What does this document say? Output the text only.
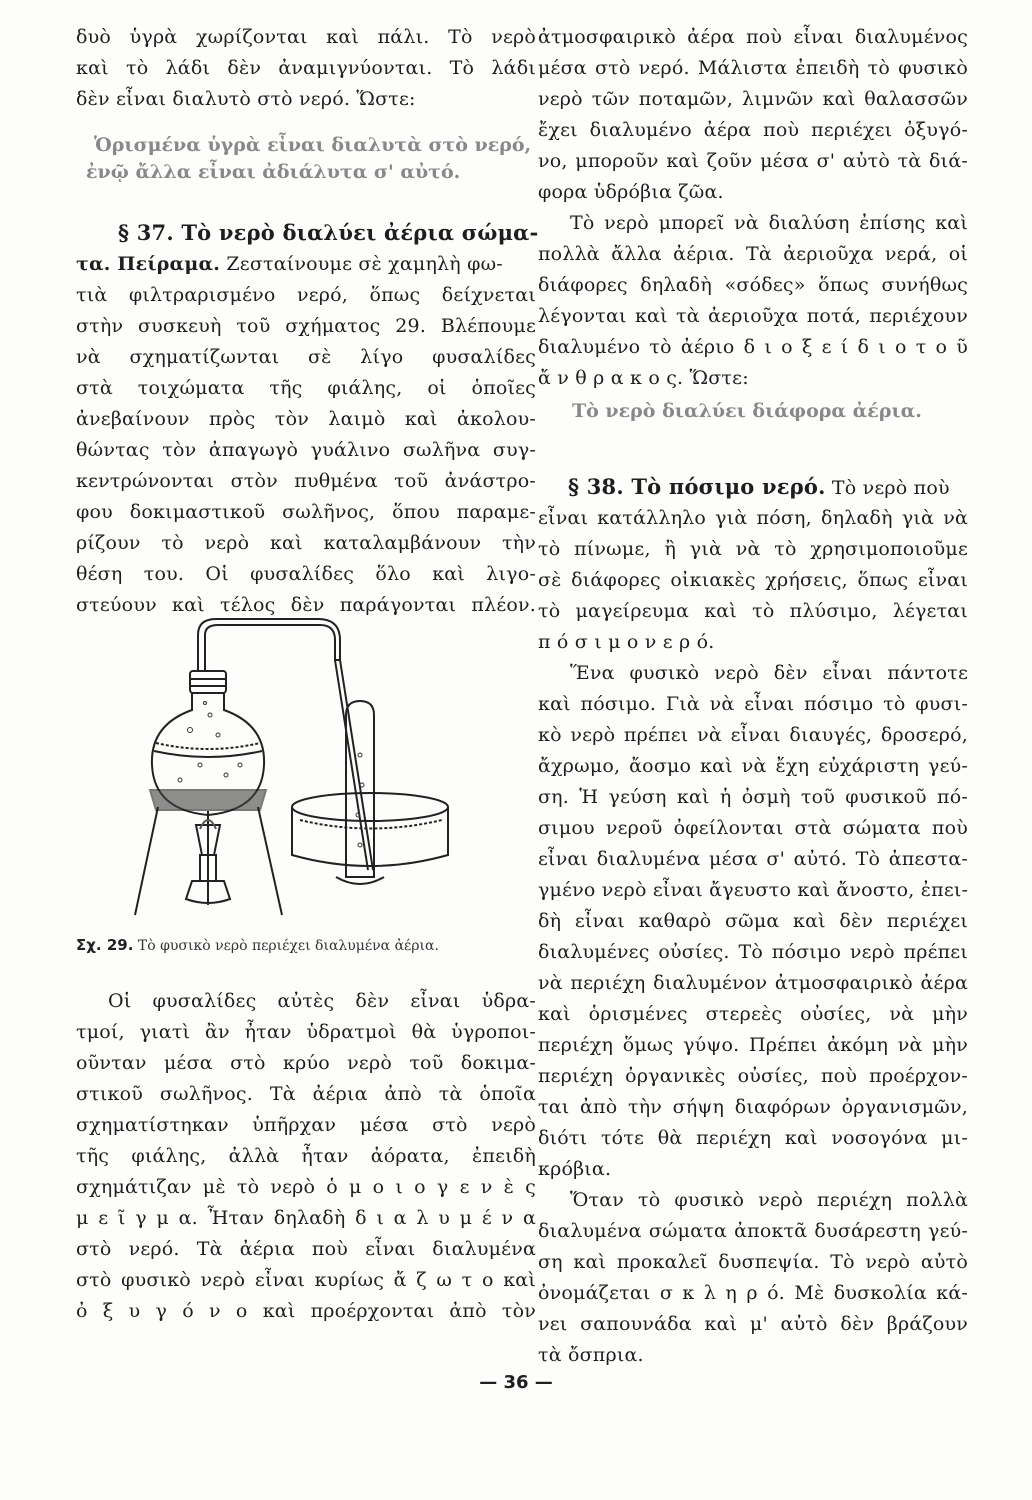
δυὸ ὑγρὰ χωρίζονται καὶ πάλι. Τὸ νερὸ
καὶ τὸ λάδι δὲν ἀναμιγνύονται. Τὸ λάδι
δὲν εἶναι διαλυτὸ στὸ νερό. Ὥστε:
Ὁρισμένα ὑγρὰ εἶναι διαλυτὰ στὸ νερό,
ἐνῷ ἄλλα εἶναι ἀδιάλυτα σ' αὐτό.
§ 37. Τὸ νερὸ διαλύει ἀέρια σώμα-
τα. Πείραμα. Ζεσταίνουμε σὲ χαμηλὴ φω-
τιὰ φιλτραρισμένο νερό, ὅπως δείχνεται
στὴν συσκευὴ τοῦ σχήματος 29. Βλέπουμε
νὰ σχηματίζωνται σὲ λίγο φυσαλίδες
στὰ τοιχώματα τῆς φιάλης, οἱ ὁποῖες
ἀνεβαίνουν πρὸς τὸν λαιμὸ καὶ ἀκολου-
θώντας τὸν ἀπαγωγὸ γυάλινο σωλῆνα συγ-
κεντρώνονται στὸν πυθμένα τοῦ ἀνάστρο-
φου δοκιμαστικοῦ σωλῆνος, ὅπου παραμε-
ρίζουν τὸ νερὸ καὶ καταλαμβάνουν τὴν
θέση του. Οἱ φυσαλίδες ὅλο καὶ λιγο-
στεύουν καὶ τέλος δὲν παράγονται πλέον.
Σχ. 29. Τὸ φυσικὸ νερὸ περιέχει διαλυμένα ἀέρια.
Οἱ φυσαλίδες αὐτὲς δὲν εἶναι ὑδρα-
τμοί, γιατὶ ἂν ἦταν ὑδρατμοὶ θὰ ὑγροποι-
οῦνταν μέσα στὸ κρύο νερὸ τοῦ δοκιμα-
στικοῦ σωλῆνος. Τὰ ἀέρια ἀπὸ τὰ ὁποῖα
σχηματίστηκαν ὑπῆρχαν μέσα στὸ νερὸ
τῆς φιάλης, ἀλλὰ ἦταν ἀόρατα, ἐπειδὴ
σχημάτιζαν μὲ τὸ νερὸ ὁ μ ο ι ο γ ε ν ὲ ς
μ ε ῖ γ μ α. Ἦταν δηλαδὴ δ ι α λ υ μ έ ν α
στὸ νερό. Τὰ ἀέρια ποὺ εἶναι διαλυμένα
στὸ φυσικὸ νερὸ εἶναι κυρίως ἄ ζ ω τ ο καὶ
ὀ ξ υ γ ό ν ο καὶ προέρχονται ἀπὸ τὸν
ἀτμοσφαιρικὸ ἀέρα ποὺ εἶναι διαλυμένος
μέσα στὸ νερό. Μάλιστα ἐπειδὴ τὸ φυσικὸ
νερὸ τῶν ποταμῶν, λιμνῶν καὶ θαλασσῶν
ἔχει διαλυμένο ἀέρα ποὺ περιέχει ὀξυγό-
νο, μποροῦν καὶ ζοῦν μέσα σ' αὐτὸ τὰ διά-
φορα ὑδρόβια ζῶα.
Τὸ νερὸ μπορεῖ νὰ διαλύση ἐπίσης καὶ
πολλὰ ἄλλα ἀέρια. Τὰ ἀεριοῦχα νερά, οἱ
διάφορες δηλαδὴ «σόδες» ὅπως συνήθως
λέγονται καὶ τὰ ἀεριοῦχα ποτά, περιέχουν
διαλυμένο τὸ ἀέριο δ ι ο ξ ε ί δ ι ο τ ο ῦ
ἄ ν θ ρ α κ ο ς. Ὥστε:
Τὸ νερὸ διαλύει διάφορα ἀέρια.
§ 38. Τὸ πόσιμο νερό. Τὸ νερὸ ποὺ
εἶναι κατάλληλο γιὰ πόση, δηλαδὴ γιὰ νὰ
τὸ πίνωμε, ἢ γιὰ νὰ τὸ χρησιμοποιοῦμε
σὲ διάφορες οἰκιακὲς χρήσεις, ὅπως εἶναι
τὸ μαγείρευμα καὶ τὸ πλύσιμο, λέγεται
π ό σ ι μ ο ν ε ρ ό.
Ἕνα φυσικὸ νερὸ δὲν εἶναι πάντοτε
καὶ πόσιμο. Γιὰ νὰ εἶναι πόσιμο τὸ φυσι-
κὸ νερὸ πρέπει νὰ εἶναι διαυγές, δροσερό,
ἄχρωμο, ἄοσμο καὶ νὰ ἔχη εὐχάριστη γεύ-
ση. Ἡ γεύση καὶ ἡ ὀσμὴ τοῦ φυσικοῦ πό-
σιμου νεροῦ ὀφείλονται στὰ σώματα ποὺ
εἶναι διαλυμένα μέσα σ' αὐτό. Τὸ ἀπεστα-
γμένο νερὸ εἶναι ἄγευστο καὶ ἄνοστο, ἐπει-
δὴ εἶναι καθαρὸ σῶμα καὶ δὲν περιέχει
διαλυμένες οὐσίες. Τὸ πόσιμο νερὸ πρέπει
νὰ περιέχη διαλυμένον ἀτμοσφαιρικὸ ἀέρα
καὶ ὁρισμένες στερεὲς οὐσίες, νὰ μὴν
περιέχη ὅμως γύψο. Πρέπει ἀκόμη νὰ μὴν
περιέχη ὀργανικὲς οὐσίες, ποὺ προέρχον-
ται ἀπὸ τὴν σήψη διαφόρων ὀργανισμῶν,
διότι τότε θὰ περιέχη καὶ νοσογόνα μι-
κρόβια.
Ὅταν τὸ φυσικὸ νερὸ περιέχη πολλὰ
διαλυμένα σώματα ἀποκτᾶ δυσάρεστη γεύ-
ση καὶ προκαλεῖ δυσπεψία. Τὸ νερὸ αὐτὸ
ὀνομάζεται σ κ λ η ρ ό. Μὲ δυσκολία κά-
νει σαπουνάδα καὶ μ' αὐτὸ δὲν βράζουν
τὰ ὄσπρια.
— 36 —
